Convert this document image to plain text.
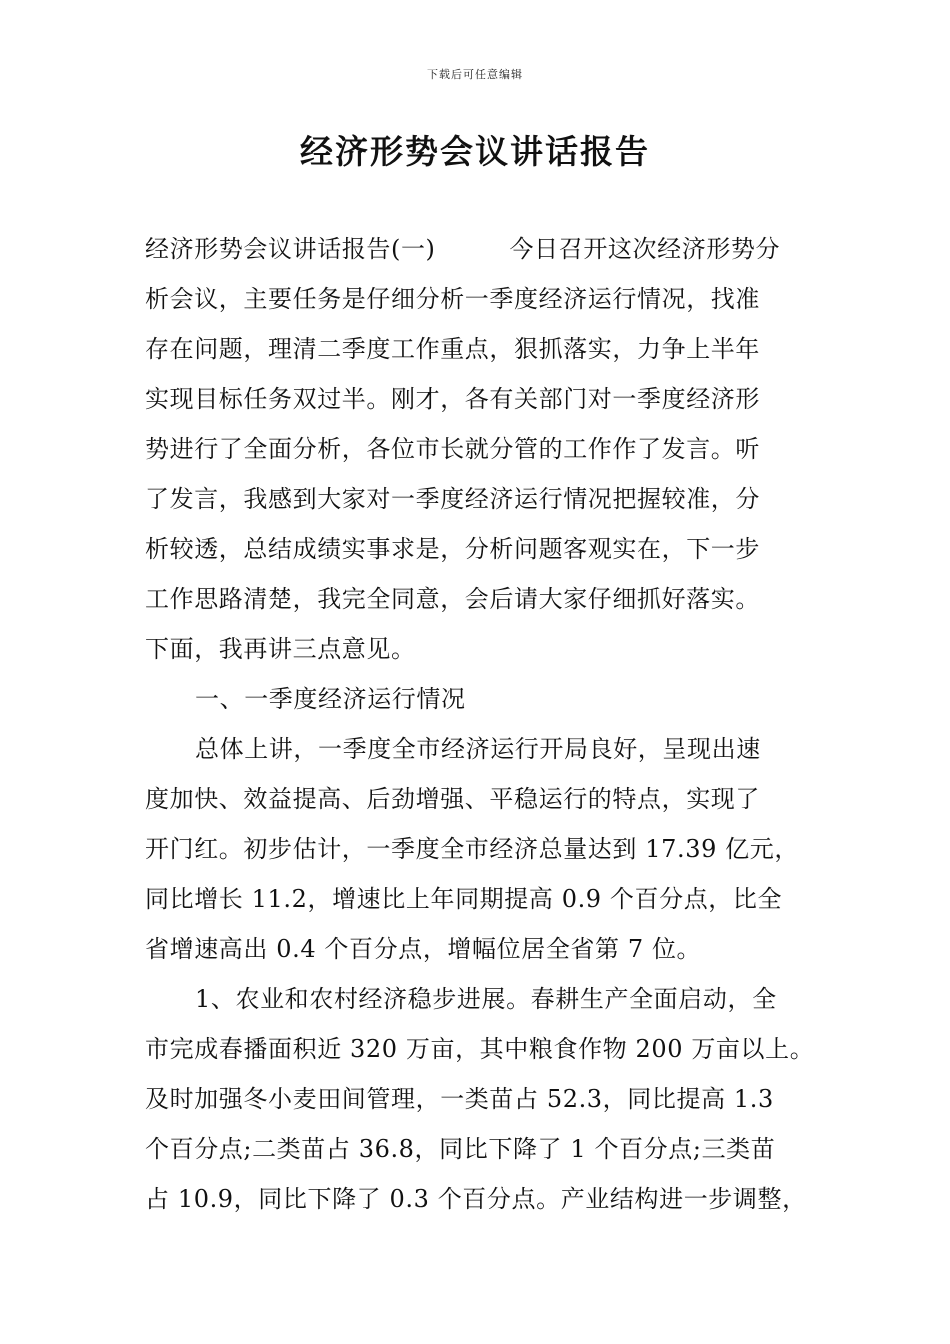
下载后可任意编辑
经济形势会议讲话报告
经济形势会议讲话报告(一)	今日召开这次经济形势分
析会议，主要任务是仔细分析一季度经济运行情况，找准
存在问题，理清二季度工作重点，狠抓落实，力争上半年
实现目标任务双过半。刚才，各有关部门对一季度经济形
势进行了全面分析，各位市长就分管的工作作了发言。听
了发言，我感到大家对一季度经济运行情况把握较准，分
析较透，总结成绩实事求是，分析问题客观实在，下一步
工作思路清楚，我完全同意，会后请大家仔细抓好落实。
下面，我再讲三点意见。
一、一季度经济运行情况
总体上讲，一季度全市经济运行开局良好，呈现出速
度加快、效益提高、后劲增强、平稳运行的特点，实现了
开门红。初步估计，一季度全市经济总量达到 17.39 亿元，
同比增长 11.2，增速比上年同期提高 0.9 个百分点，比全
省增速高出 0.4 个百分点，增幅位居全省第 7 位。
1、农业和农村经济稳步进展。春耕生产全面启动，全
市完成春播面积近 320 万亩，其中粮食作物 200 万亩以上。
及时加强冬小麦田间管理，一类苗占 52.3，同比提高 1.3
个百分点;二类苗占 36.8，同比下降了 1 个百分点;三类苗
占 10.9，同比下降了 0.3 个百分点。产业结构进一步调整，
